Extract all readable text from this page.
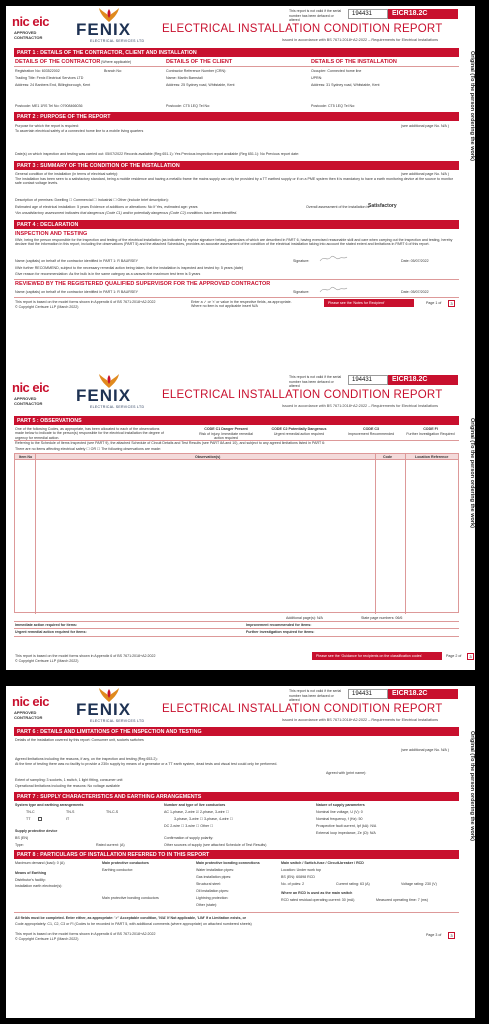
nic eic
APPROVED
CONTRACTOR FENIX
ELECTRICAL SERVICES LTD
This report is not valid if the serial number has been defaced or altered
194431	EICR18.2C
ELECTRICAL INSTALLATION CONDITION REPORT
Issued in accordance with BS 7671:2018+A2:2022 – Requirements for Electrical Installations
Original (To the person ordering the work)
PART 1 : DETAILS OF THE CONTRACTOR, CLIENT AND INSTALLATION
DETAILS OF THE CONTRACTOR (Where applicable)	DETAILS OF THE CLIENT	DETAILS OF THE INSTALLATION
Registration No: 603522002	Branch No:
Trading Title: Fenix Electrical Services LTD
Address: 24 Banbers End, Billingborough, Kent
Postcode: ME1 1RS Tel No: 07908466036
Contractor Reference Number (CRN):
Name: Martin Barnstall
Address: 25 Sydney road, Whitstable, Kent
Postcode: CT5 1EQ Tel No:
Occupier: Connected home line
UPRN:
Address: 31 Sydney road, Whitstable, Kent
Postcode: CT5 1EQ Tel No:
PART 2 : PURPOSE OF THE REPORT
Purpose for which the report is required:
To ascertain electrical safety of a connected home line to a mobile living quarters
(see additional page No. N/A )
Date(s) on which inspection and testing was carried out: 05/07/2022 Records available (Reg 651.1): Yes Previous inspection report available (Reg 651.1): No Previous report date:
PART 3 : SUMMARY OF THE CONDITION OF THE INSTALLATION
General condition of the installation (in terms of electrical safety):
The installation has been seen to a satisfactory standard, being a mobile residence and having a metallic frame the mains supply can only be provided by a TT earthed supply or if on a PME system then it is mandatory to have a earth monitoring device at the source to monitor safe contact voltage levels.
(see additional page No. N/A )
Description of premises: Dwelling ☐ Commercial ☐ Industrial ☐ Other (include brief description):
Estimated age of electrical installation: 5 years Evidence of additions or alterations: No If Yes, estimated age: years	Overall assessment of the installation is:
Satisfactory
*An unsatisfactory assessment indicates that dangerous (Code C1) and/or potentially dangerous (Code C2) conditions have been identified.
PART 4 : DECLARATION
INSPECTION AND TESTING
I/We, being the person responsible for the inspection and testing of the electrical installation (as indicated by my/our signature below), particulars of which are described in PART 6, having exercised reasonable skill and care when carrying out the inspection and testing, hereby declare that the information in this report, including the observations (PART 5) and the attached Schedules, provides an accurate assessment of the condition of the electrical installation taking into account the stated extent and limitations in PART 6 of this report.
Name (capitals) on behalf of the contractor identified in PART 1: R BAURSEY	Signature:	Date: 05/07/2022
I/We further RECOMMEND, subject to the necessary remedial action being taken, that the installation is inspected and tested by: 5 years (date)
Give reason for recommendation: As the bulk is in the same category as a caravan the maximum test term is 5 years
REVIEWED BY THE REGISTERED QUALIFIED SUPERVISOR FOR THE APPROVED CONTRACTOR
Name (capitals) on behalf of the contractor identified in PART 1: R BAURSEY	Signature:	Date: 05/07/2022
This report is based on the model forms shown in Appendix 6 of BS 7671:2018+A2:2022
© Copyright Certsure LLP (March 2022)
Enter a ✓ or '×' or value in the respective fields, as appropriate. Where no item is not applicable insert N/A
Please see the 'Notes for Recipient'	Page 1 of	3
nic eic
APPROVED
CONTRACTOR FENIX
ELECTRICAL SERVICES LTD
This report is not valid if the serial number has been defaced or altered
194431	EICR18.2C
ELECTRICAL INSTALLATION CONDITION REPORT
Issued in accordance with BS 7671:2018+A2:2022 – Requirements for Electrical Installations
Original (To the person ordering the work)
PART 5 : OBSERVATIONS
One of the following Codes, as appropriate, has been allocated to each of the observations made below to indicate to the person(s) responsible for the electrical installation the degree of urgency for remedial action.
CODE C1 Danger Present
Risk of injury. Immediate remedial action required
CODE C2 Potentially Dangerous
Urgent remedial action required
CODE C3
Improvement Recommended
CODE FI
Further Investigation Required
Referring to the Schedule of Items Inspected (see PART 9), the attached Schedule of Circuit Details and Test Results (see PART 8A and 10), and subject to any agreed limitations listed in PART 6:
There are no items affecting electrical safety ☐ OR ☐ The following observations are made:
Item No	Observation(s)	Code	Location Reference
Additional page(s): N/A	State page numbers: 06/6
Immediate action required for items:	Improvement recommended for items:
Urgent remedial action required for items:	Further investigation required for items:
This report is based on the model forms shown in Appendix 6 of BS 7671:2018+A2:2022
© Copyright Certsure LLP (March 2022)
Please see the 'Guidance for recipients on the classification codes'	Page 2 of	3
nic eic
APPROVED
CONTRACTOR FENIX
ELECTRICAL SERVICES LTD
This report is not valid if the serial number has been defaced or altered
194431	EICR18.2C
ELECTRICAL INSTALLATION CONDITION REPORT
Issued in accordance with BS 7671:2018+A2:2022 – Requirements for Electrical Installations
Original (To the person ordering the work)
PART 6 : DETAILS AND LIMITATIONS OF THE INSPECTION AND TESTING
Details of the installation covered by this report: Consumer unit, sockets switches
(see additional page No. N/A )
Agreed limitations including the reasons, if any, on the inspection and testing (Reg 653.2):
At the time of testing there was no facility to provide a 230v supply by means of a generator or a TT earth system, dead tests and visual test could only be performed.
Agreed with (print name):
Extent of sampling: 3 sockets, 1 switch, 1 light fitting, consumer unit
Operational limitations including the reasons: No voltage available
PART 7 : SUPPLY CHARACTERISTICS AND EARTHING ARRANGEMENTS
System type and earthing arrangements	Number and type of live conductors	Nature of supply parameters
TN-C	TN-S	TN-C-S
TT	IT
AC 1-phase, 2-wire ☑ 2-phase, 3-wire ☐
3-phase, 3-wire ☐ 3-phase, 4-wire ☐
DC 2-wire ☐ 3-wire ☐ Other ☐
Nominal line voltage, U (V): 0
Nominal frequency, f (Hz): 50
Prospective fault current, Ipf (kA): N/A
External loop impedance, Ze (Ω): N/A
Supply protective device
BS (EN)
Type:	Rated current: (A)
Confirmation of supply polarity:
Other sources of supply (see attached Schedule of Test Results)
PART 8 : PARTICULARS OF INSTALLATION REFERRED TO IN THIS REPORT
Maximum demand (load): 0 (A)
Means of Earthing
Distributor's facility:
Installation earth electrode(s):
Main protective conductors
Earthing conductor:
Main protective bonding conductors
Main protective bonding connections
Water installation pipes:
Gas installation pipes:
Structural steel:
Oil installation pipes:
Lightning protection:
Other (state):
Main switch / Switch-fuse / Circuit-breaker / RCD
Location: Under work top
BS (EN): 60898 RCD
No. of poles: 2	Current rating: 63 (A)	Voltage rating: 230 (V)
Where an RCD is used as the main switch
RCD rated residual operating current: 30 (mA)	Measured operating time: 7 (ms)
All fields must be completed. Enter either, as appropriate: '✓' Acceptable condition, 'N/A' If Not applicable, 'LIM' If a Limitation exists, or
Code appropriately: C1, C2, C3 or FI (Codes to be recorded in PART 5, with additional comments (where appropriate) on attached numbered sheets)
This report is based on the model forms shown in Appendix 6 of BS 7671:2018+A2:2022
© Copyright Certsure LLP (March 2022)
Page 3 of	3
